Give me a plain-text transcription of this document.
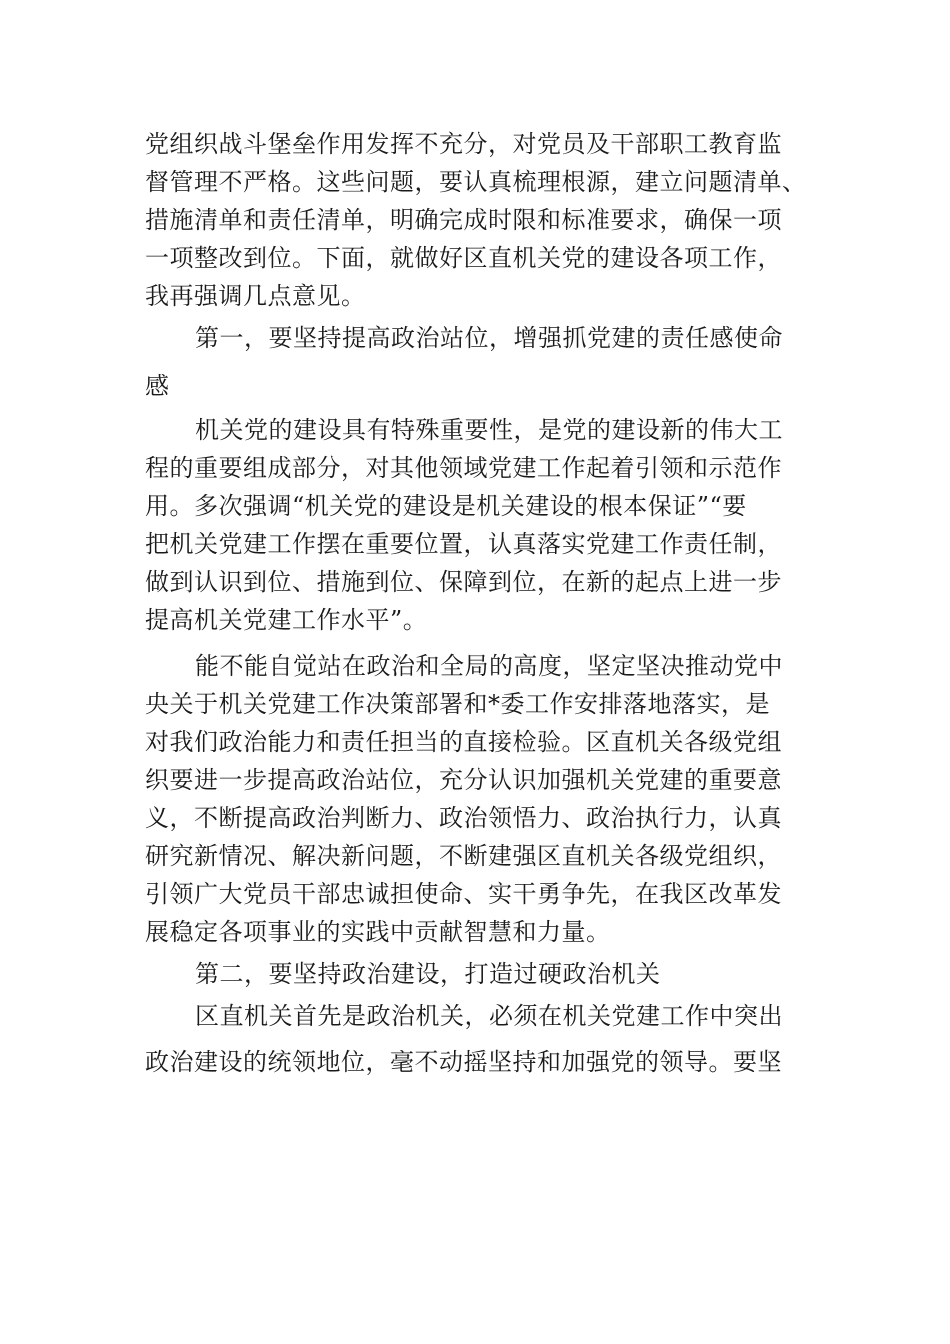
党组织战斗堡垒作用发挥不充分，对党员及干部职工教育监
督管理不严格。这些问题，要认真梳理根源，建立问题清单、
措施清单和责任清单，明确完成时限和标准要求，确保一项
一项整改到位。下面，就做好区直机关党的建设各项工作，
我再强调几点意见。
第一，要坚持提高政治站位，增强抓党建的责任感使命
感
机关党的建设具有特殊重要性，是党的建设新的伟大工
程的重要组成部分，对其他领域党建工作起着引领和示范作
用。多次强调“机关党的建设是机关建设的根本保证”“要
把机关党建工作摆在重要位置，认真落实党建工作责任制，
做到认识到位、措施到位、保障到位，在新的起点上进一步
提高机关党建工作水平”。
能不能自觉站在政治和全局的高度，坚定坚决推动党中
央关于机关党建工作决策部署和*委工作安排落地落实，是
对我们政治能力和责任担当的直接检验。区直机关各级党组
织要进一步提高政治站位，充分认识加强机关党建的重要意
义，不断提高政治判断力、政治领悟力、政治执行力，认真
研究新情况、解决新问题，不断建强区直机关各级党组织，
引领广大党员干部忠诚担使命、实干勇争先，在我区改革发
展稳定各项事业的实践中贡献智慧和力量。
第二，要坚持政治建设，打造过硬政治机关
区直机关首先是政治机关，必须在机关党建工作中突出
政治建设的统领地位，毫不动摇坚持和加强党的领导。要坚
